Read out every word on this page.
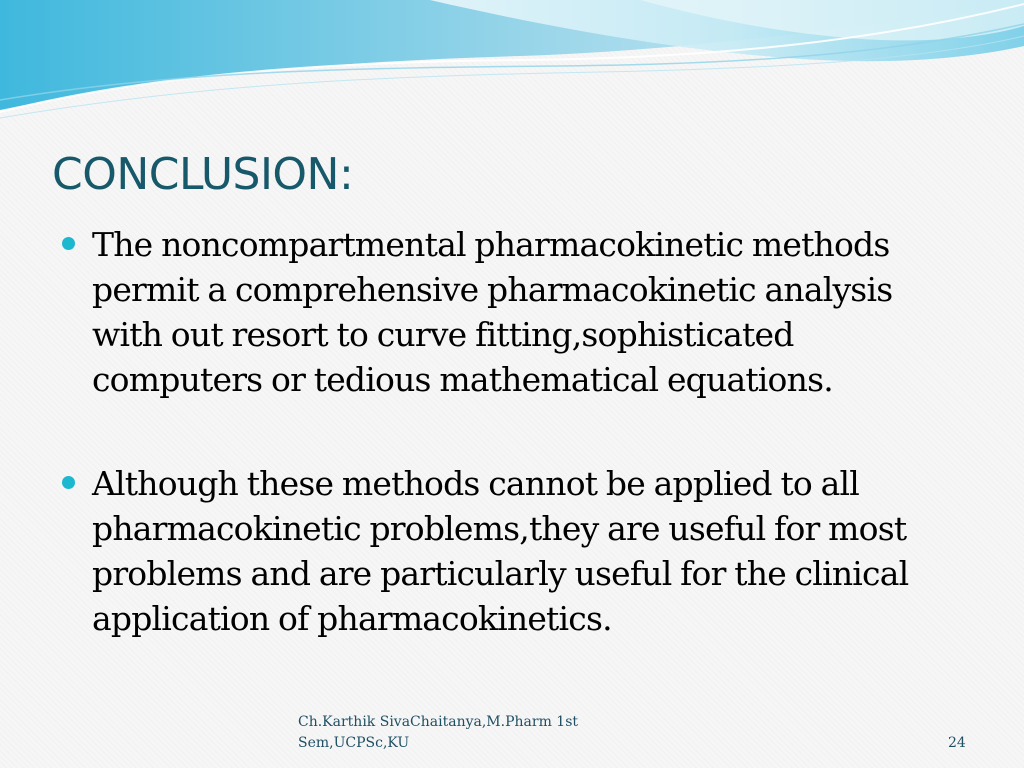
CONCLUSION:
The noncompartmental pharmacokinetic methods permit a comprehensive pharmacokinetic analysis with out resort to curve fitting,sophisticated computers or tedious mathematical equations.
Although these methods cannot be applied to all pharmacokinetic problems,they are useful for most problems and are particularly useful for the clinical application of pharmacokinetics.
Ch.Karthik SivaChaitanya,M.Pharm 1st Sem,UCPSc,KU	24
